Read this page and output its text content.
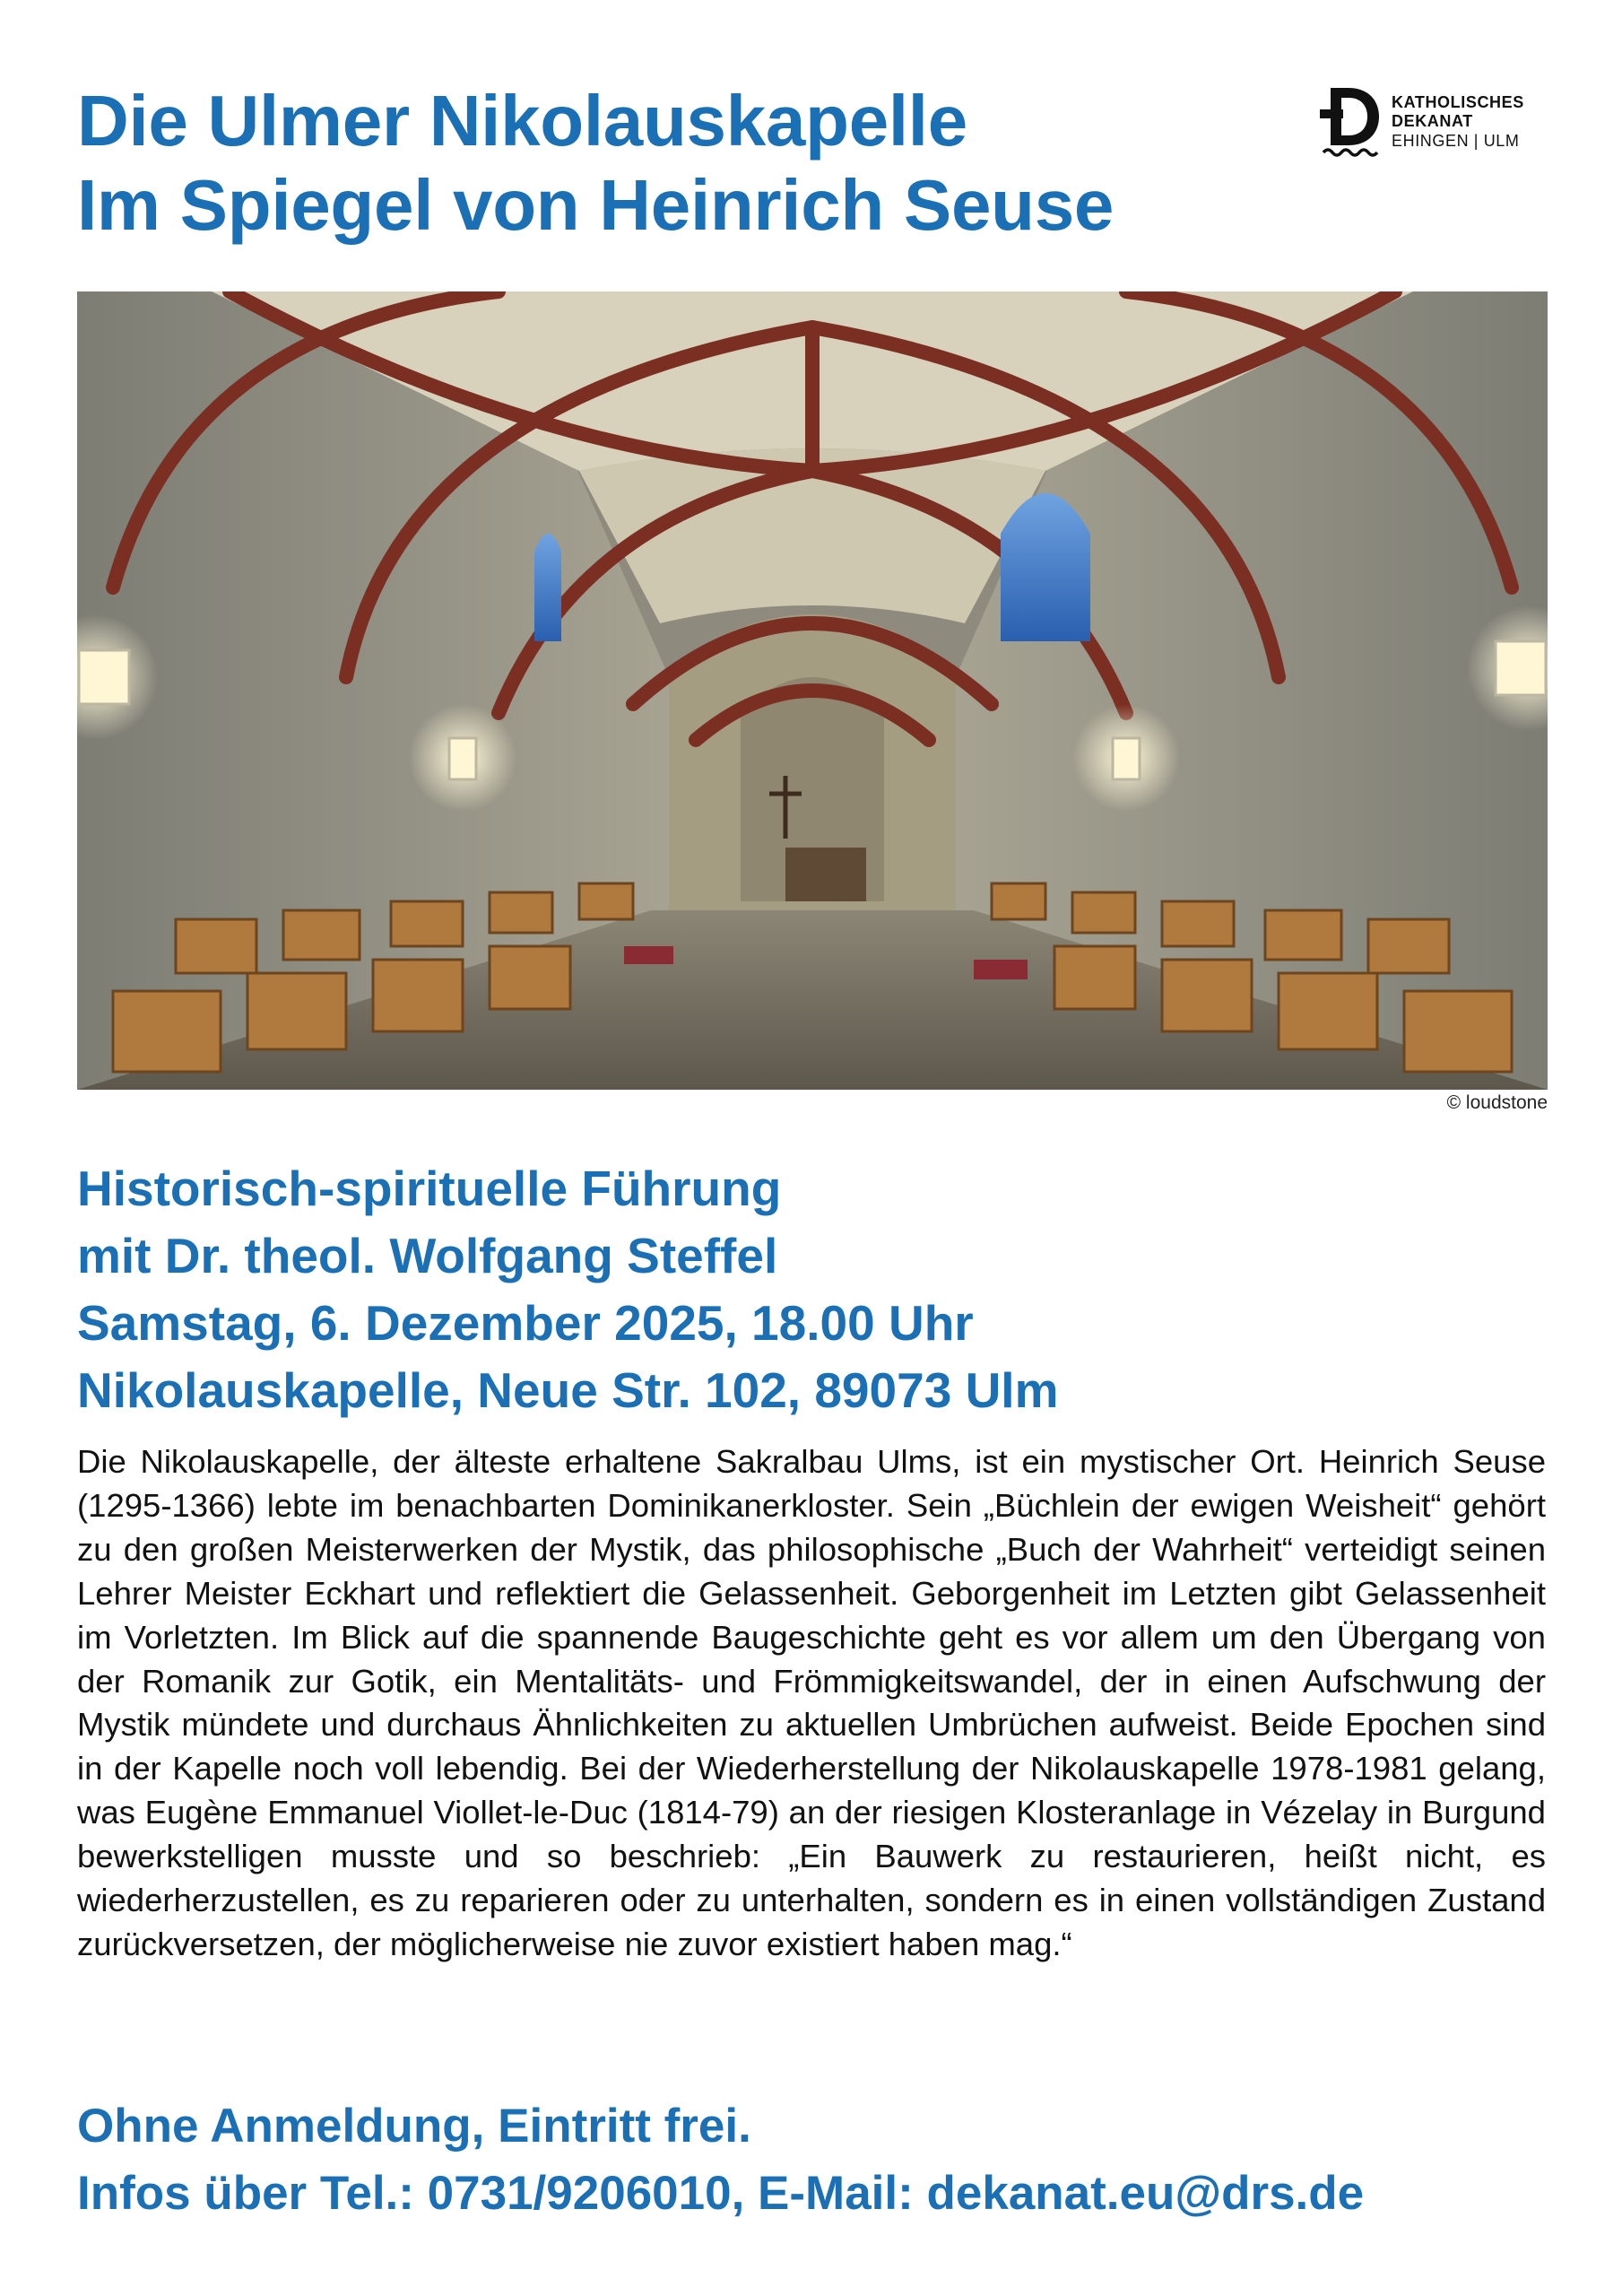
Die Ulmer Nikolauskapelle
Im Spiegel von Heinrich Seuse
KATHOLISCHES
DEKANAT
EHINGEN | ULM
© loudstone
Historisch-spirituelle Führung
mit Dr. theol. Wolfgang Steffel
Samstag, 6. Dezember 2025, 18.00 Uhr
Nikolauskapelle, Neue Str. 102, 89073 Ulm

Die Nikolauskapelle, der älteste erhaltene Sakralbau Ulms, ist ein mystischer Ort. Heinrich Seuse (1295-1366) lebte im benachbarten Dominikanerkloster. Sein „Büchlein der ewigen Weisheit“ gehört zu den großen Meisterwerken der Mystik, das philosophische „Buch der Wahrheit“ verteidigt seinen Lehrer Meister Eckhart und reflektiert die Gelassenheit. Geborgenheit im Letzten gibt Gelassenheit im Vorletzten. Im Blick auf die spannende Baugeschichte geht es vor allem um den Übergang von der Romanik zur Gotik, ein Mentalitäts- und Frömmigkeitswandel, der in einen Aufschwung der Mystik mündete und durchaus Ähnlichkeiten zu aktuellen Umbrüchen aufweist. Beide Epochen sind in der Kapelle noch voll lebendig. Bei der Wiederherstellung der Nikolauskapelle 1978-1981 gelang, was Eugène Emmanuel Viollet-le-Duc (1814-79) an der riesigen Klosteranlage in Vézelay in Burgund bewerkstelligen musste und so beschrieb: „Ein Bauwerk zu restaurieren, heißt nicht, es wiederherzustellen, es zu reparieren oder zu unterhalten, sondern es in einen vollständigen Zustand zurückversetzen, der möglicherweise nie zuvor existiert haben mag.“

Ohne Anmeldung, Eintritt frei.
Infos über Tel.: 0731/9206010, E-Mail: dekanat.eu@drs.de
